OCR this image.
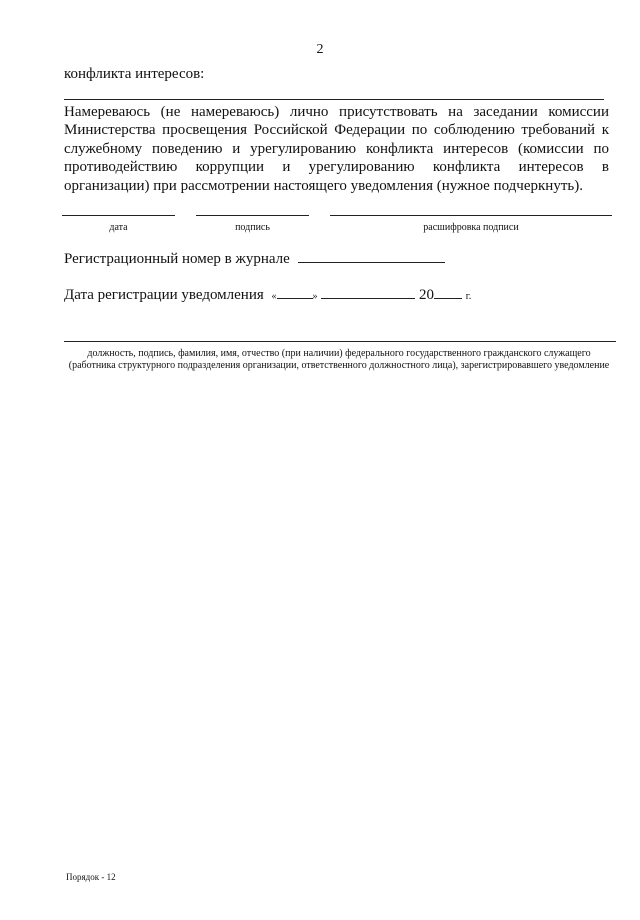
2
конфликта интересов:
Намереваюсь (не намереваюсь) лично присутствовать на заседании комиссии Министерства просвещения Российской Федерации по соблюдению требований к служебному поведению и урегулированию конфликта интересов (комиссии по противодействию коррупции и урегулированию конфликта интересов в организации) при рассмотрении настоящего уведомления (нужное подчеркнуть).
дата	подпись	расшифровка подписи
Регистрационный номер в журнале
Дата регистрации уведомления «	»	20	г.
должность, подпись, фамилия, имя, отчество (при наличии) федерального государственного гражданского служащего (работника структурного подразделения организации, ответственного должностного лица), зарегистрировавшего уведомление
Порядок - 12
